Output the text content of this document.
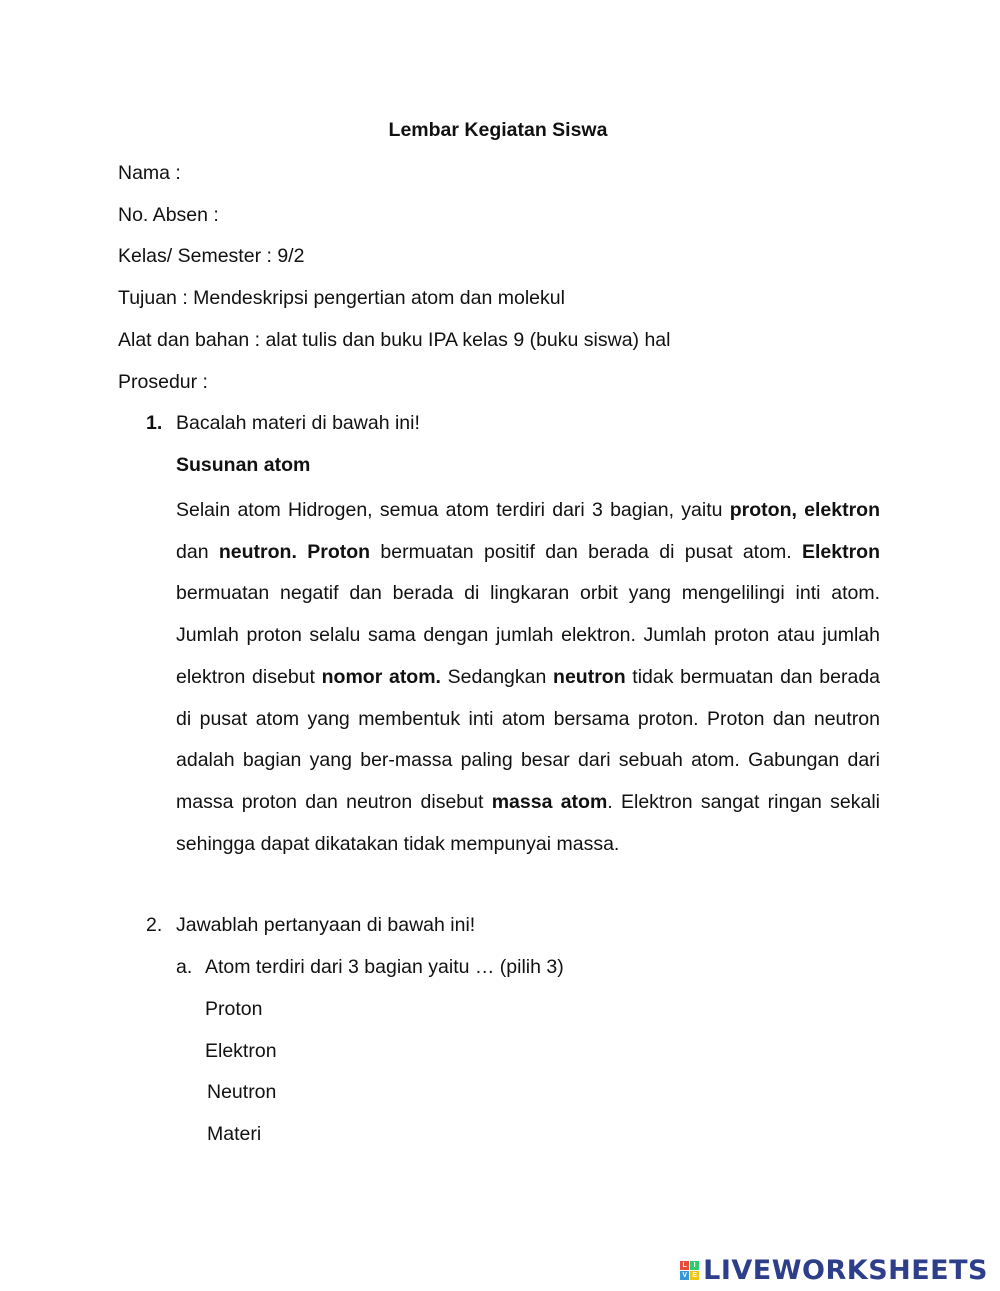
Lembar Kegiatan Siswa
Nama :
No. Absen :
Kelas/ Semester : 9/2
Tujuan : Mendeskripsi pengertian atom dan molekul
Alat dan bahan : alat tulis dan buku IPA kelas 9 (buku siswa) hal
Prosedur :
1. Bacalah materi di bawah ini!
Susunan atom
Selain atom Hidrogen, semua atom terdiri dari 3 bagian, yaitu proton, elektron dan neutron. Proton bermuatan positif dan berada di pusat atom. Elektron bermuatan negatif dan berada di lingkaran orbit yang mengelilingi inti atom. Jumlah proton selalu sama dengan jumlah elektron. Jumlah proton atau jumlah elektron disebut nomor atom. Sedangkan neutron tidak bermuatan dan berada di pusat atom yang membentuk inti atom bersama proton. Proton dan neutron adalah bagian yang ber-massa paling besar dari sebuah atom. Gabungan dari massa proton dan neutron disebut massa atom. Elektron sangat ringan sekali sehingga dapat dikatakan tidak mempunyai massa.
2. Jawablah pertanyaan di bawah ini!
a. Atom terdiri dari 3 bagian yaitu … (pilih 3)
Proton
Elektron
Neutron
Materi
L I
V E LIVEWORKSHEETS
